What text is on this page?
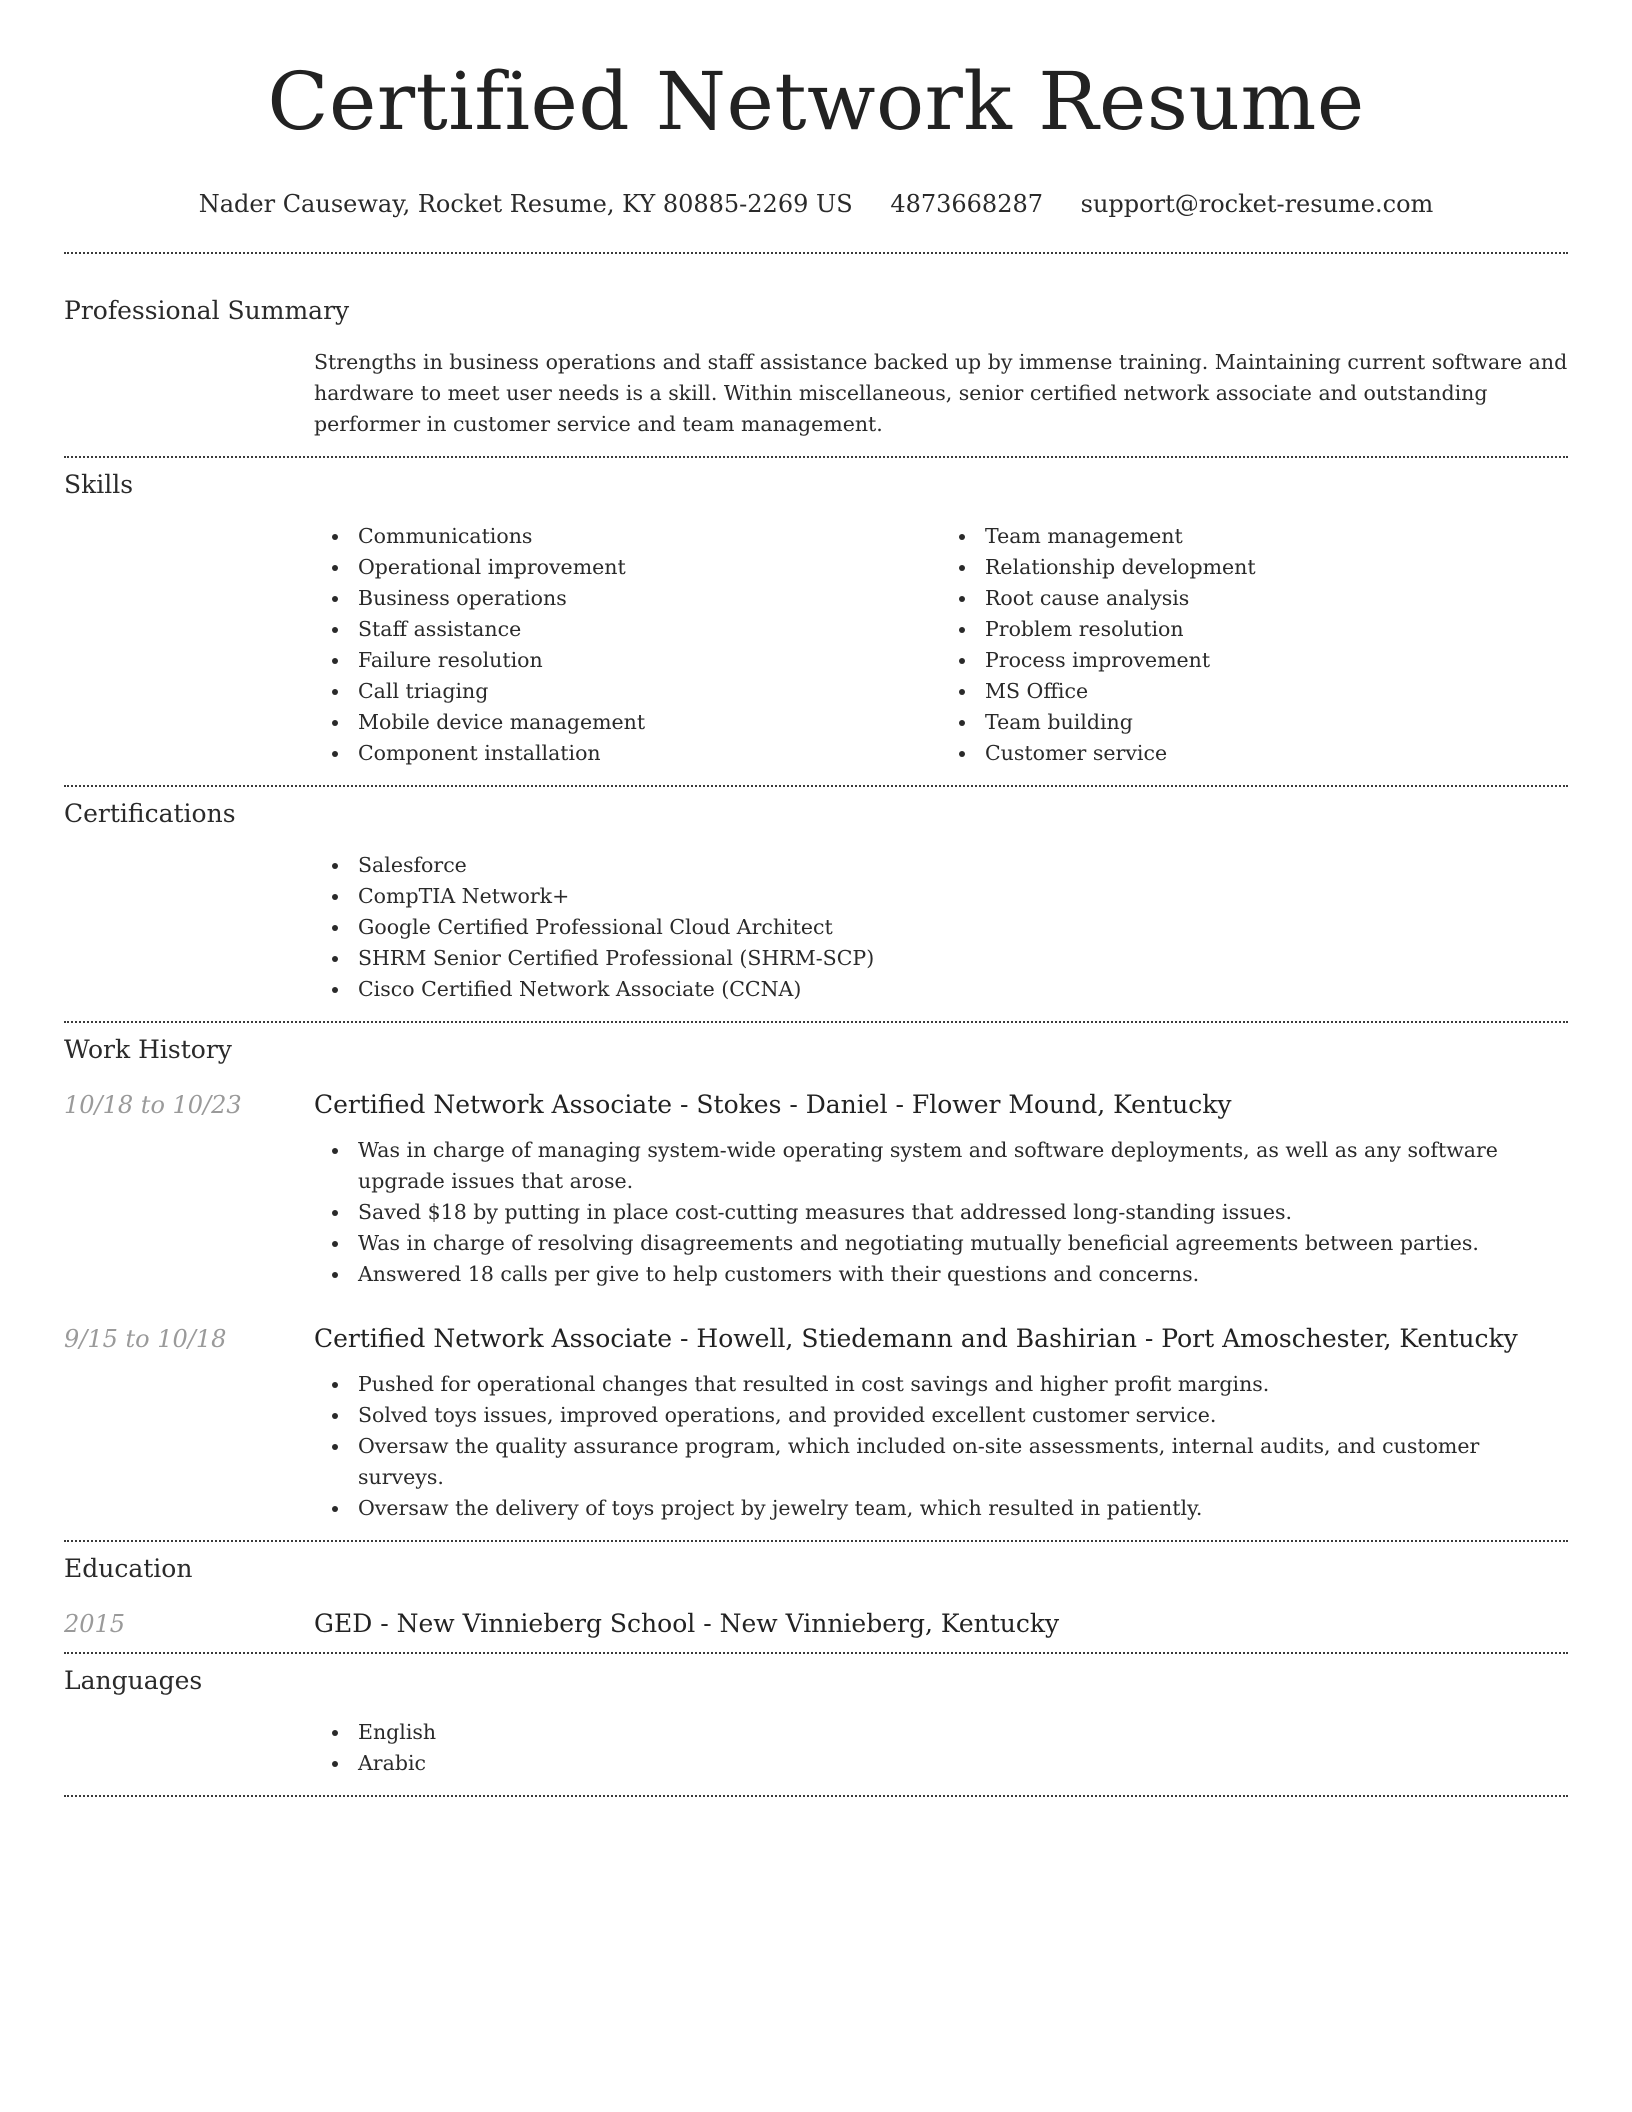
Certified Network Resume
Nader Causeway, Rocket Resume, KY 80885-2269 US 4873668287 support@rocket-resume.com
Professional Summary

Strengths in business operations and staff assistance backed up by immense training. Maintaining current software and hardware to meet user needs is a skill. Within miscellaneous, senior certified network associate and outstanding performer in customer service and team management.

Skills
Communications
Operational improvement
Business operations
Staff assistance
Failure resolution
Call triaging
Mobile device management
Component installation
Team management
Relationship development
Root cause analysis
Problem resolution
Process improvement
MS Office
Team building
Customer service
Certifications
Salesforce
CompTIA Network+
Google Certified Professional Cloud Architect
SHRM Senior Certified Professional (SHRM-SCP)
Cisco Certified Network Associate (CCNA)
Work History
10/18 to 10/23	Certified Network Associate - Stokes - Daniel - Flower Mound, Kentucky
Was in charge of managing system-wide operating system and software deployments, as well as any software upgrade issues that arose.
Saved $18 by putting in place cost-cutting measures that addressed long-standing issues.
Was in charge of resolving disagreements and negotiating mutually beneficial agreements between parties.
Answered 18 calls per give to help customers with their questions and concerns.
9/15 to 10/18	Certified Network Associate - Howell, Stiedemann and Bashirian - Port Amoschester, Kentucky
Pushed for operational changes that resulted in cost savings and higher profit margins.
Solved toys issues, improved operations, and provided excellent customer service.
Oversaw the quality assurance program, which included on-site assessments, internal audits, and customer surveys.
Oversaw the delivery of toys project by jewelry team, which resulted in patiently.
Education
2015	GED - New Vinnieberg School - New Vinnieberg, Kentucky
Languages
English
Arabic
